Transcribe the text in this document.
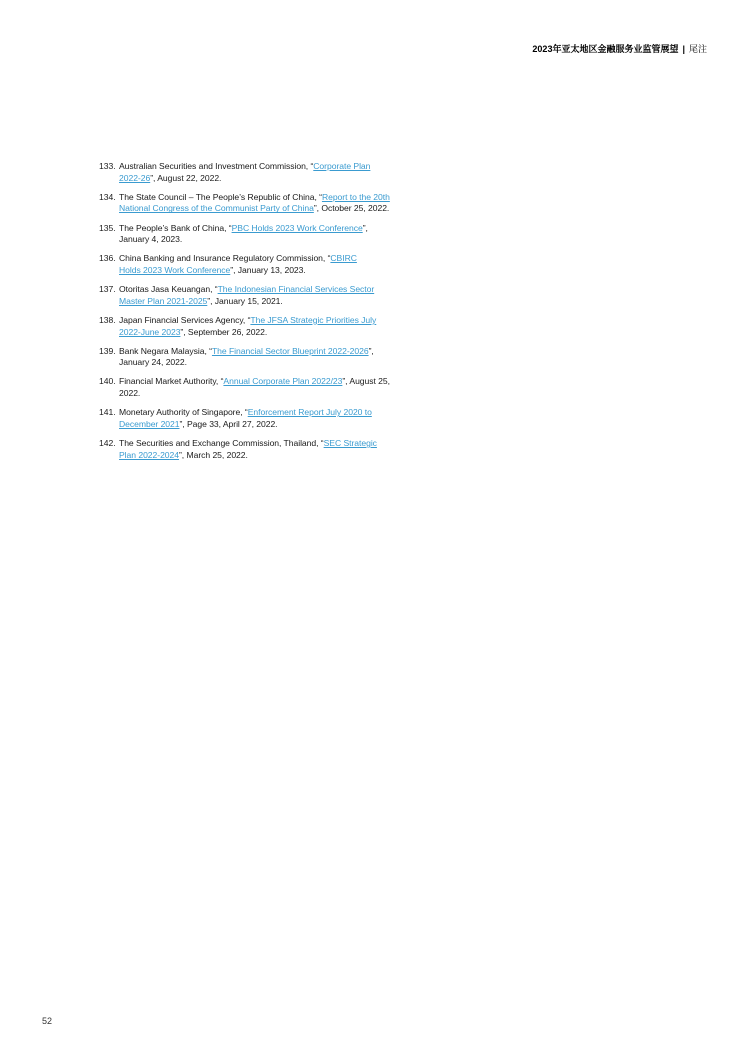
2023年亚太地区金融服务业监管展望 | 尾注
133. Australian Securities and Investment Commission, “Corporate Plan
2022-26”, August 22, 2022.
134. The State Council – The People’s Republic of China, “Report to the 20th
National Congress of the Communist Party of China”, October 25, 2022.
135. The People’s Bank of China, “PBC Holds 2023 Work Conference”, January 4, 2023.
136. China Banking and Insurance Regulatory Commission, “CBIRC
Holds 2023 Work Conference”, January 13, 2023.
137. Otoritas Jasa Keuangan, “The Indonesian Financial Services Sector
Master Plan 2021-2025”, January 15, 2021.
138. Japan Financial Services Agency, “The JFSA Strategic Priorities July
2022-June 2023”, September 26, 2022.
139. Bank Negara Malaysia, “The Financial Sector Blueprint 2022-2026”, January 24, 2022.
140. Financial Market Authority, “Annual Corporate Plan 2022/23”, August 25, 2022.
141. Monetary Authority of Singapore, “Enforcement Report July 2020 to
December 2021”, Page 33, April 27, 2022.
142. The Securities and Exchange Commission, Thailand, “SEC Strategic
Plan 2022-2024”, March 25, 2022.
52
